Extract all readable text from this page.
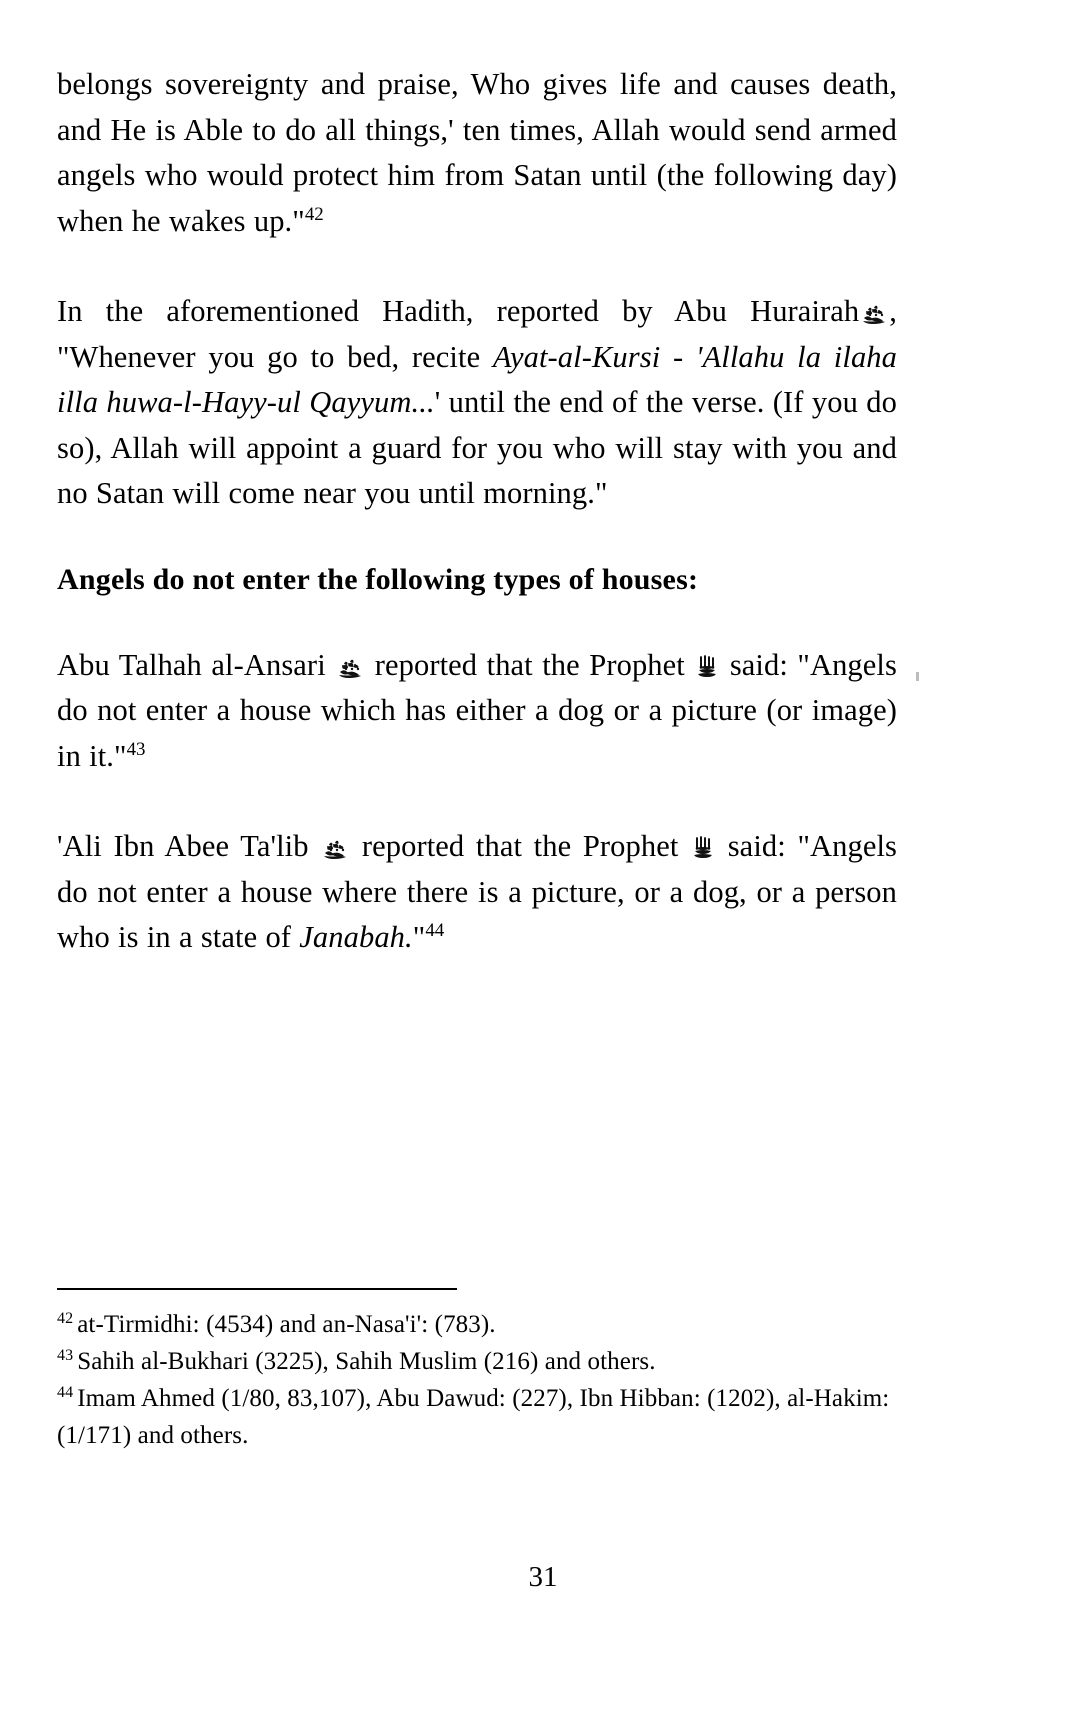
belongs sovereignty and praise, Who gives life and causes death, and He is Able to do all things,' ten times, Allah would send armed angels who would protect him from Satan until (the following day) when he wakes up."$^{42}$

In the aforementioned Hadith, reported by Abu Hurairah , "Whenever you go to bed, recite Ayat-al-Kursi - 'Allahu la ilaha illa huwa-l-Hayy-ul Qayyum...' until the end of the verse. (If you do so), Allah will appoint a guard for you who will stay with you and no Satan will come near you until morning."

Angels do not enter the following types of houses:

Abu Talhah al-Ansari
reported that the Prophet
said: "Angels do not enter a house which has either a dog or a picture (or image) in it."$^{43}$

'Ali Ibn Abee Ta'lib
reported that the Prophet
said: "Angels do not enter a house where there is a picture, or a dog, or a person who is in a state of Janabah."$^{44}$

$^{42}$ at-Tirmidhi: (4534) and an-Nasa'i': (783).

$^{43}$ Sahih al-Bukhari (3225), Sahih Muslim (216) and others.

$^{44}$ Imam Ahmed (1/80, 83,107), Abu Dawud: (227), Ibn Hibban: (1202), al-Hakim: (1/171) and others.

31
